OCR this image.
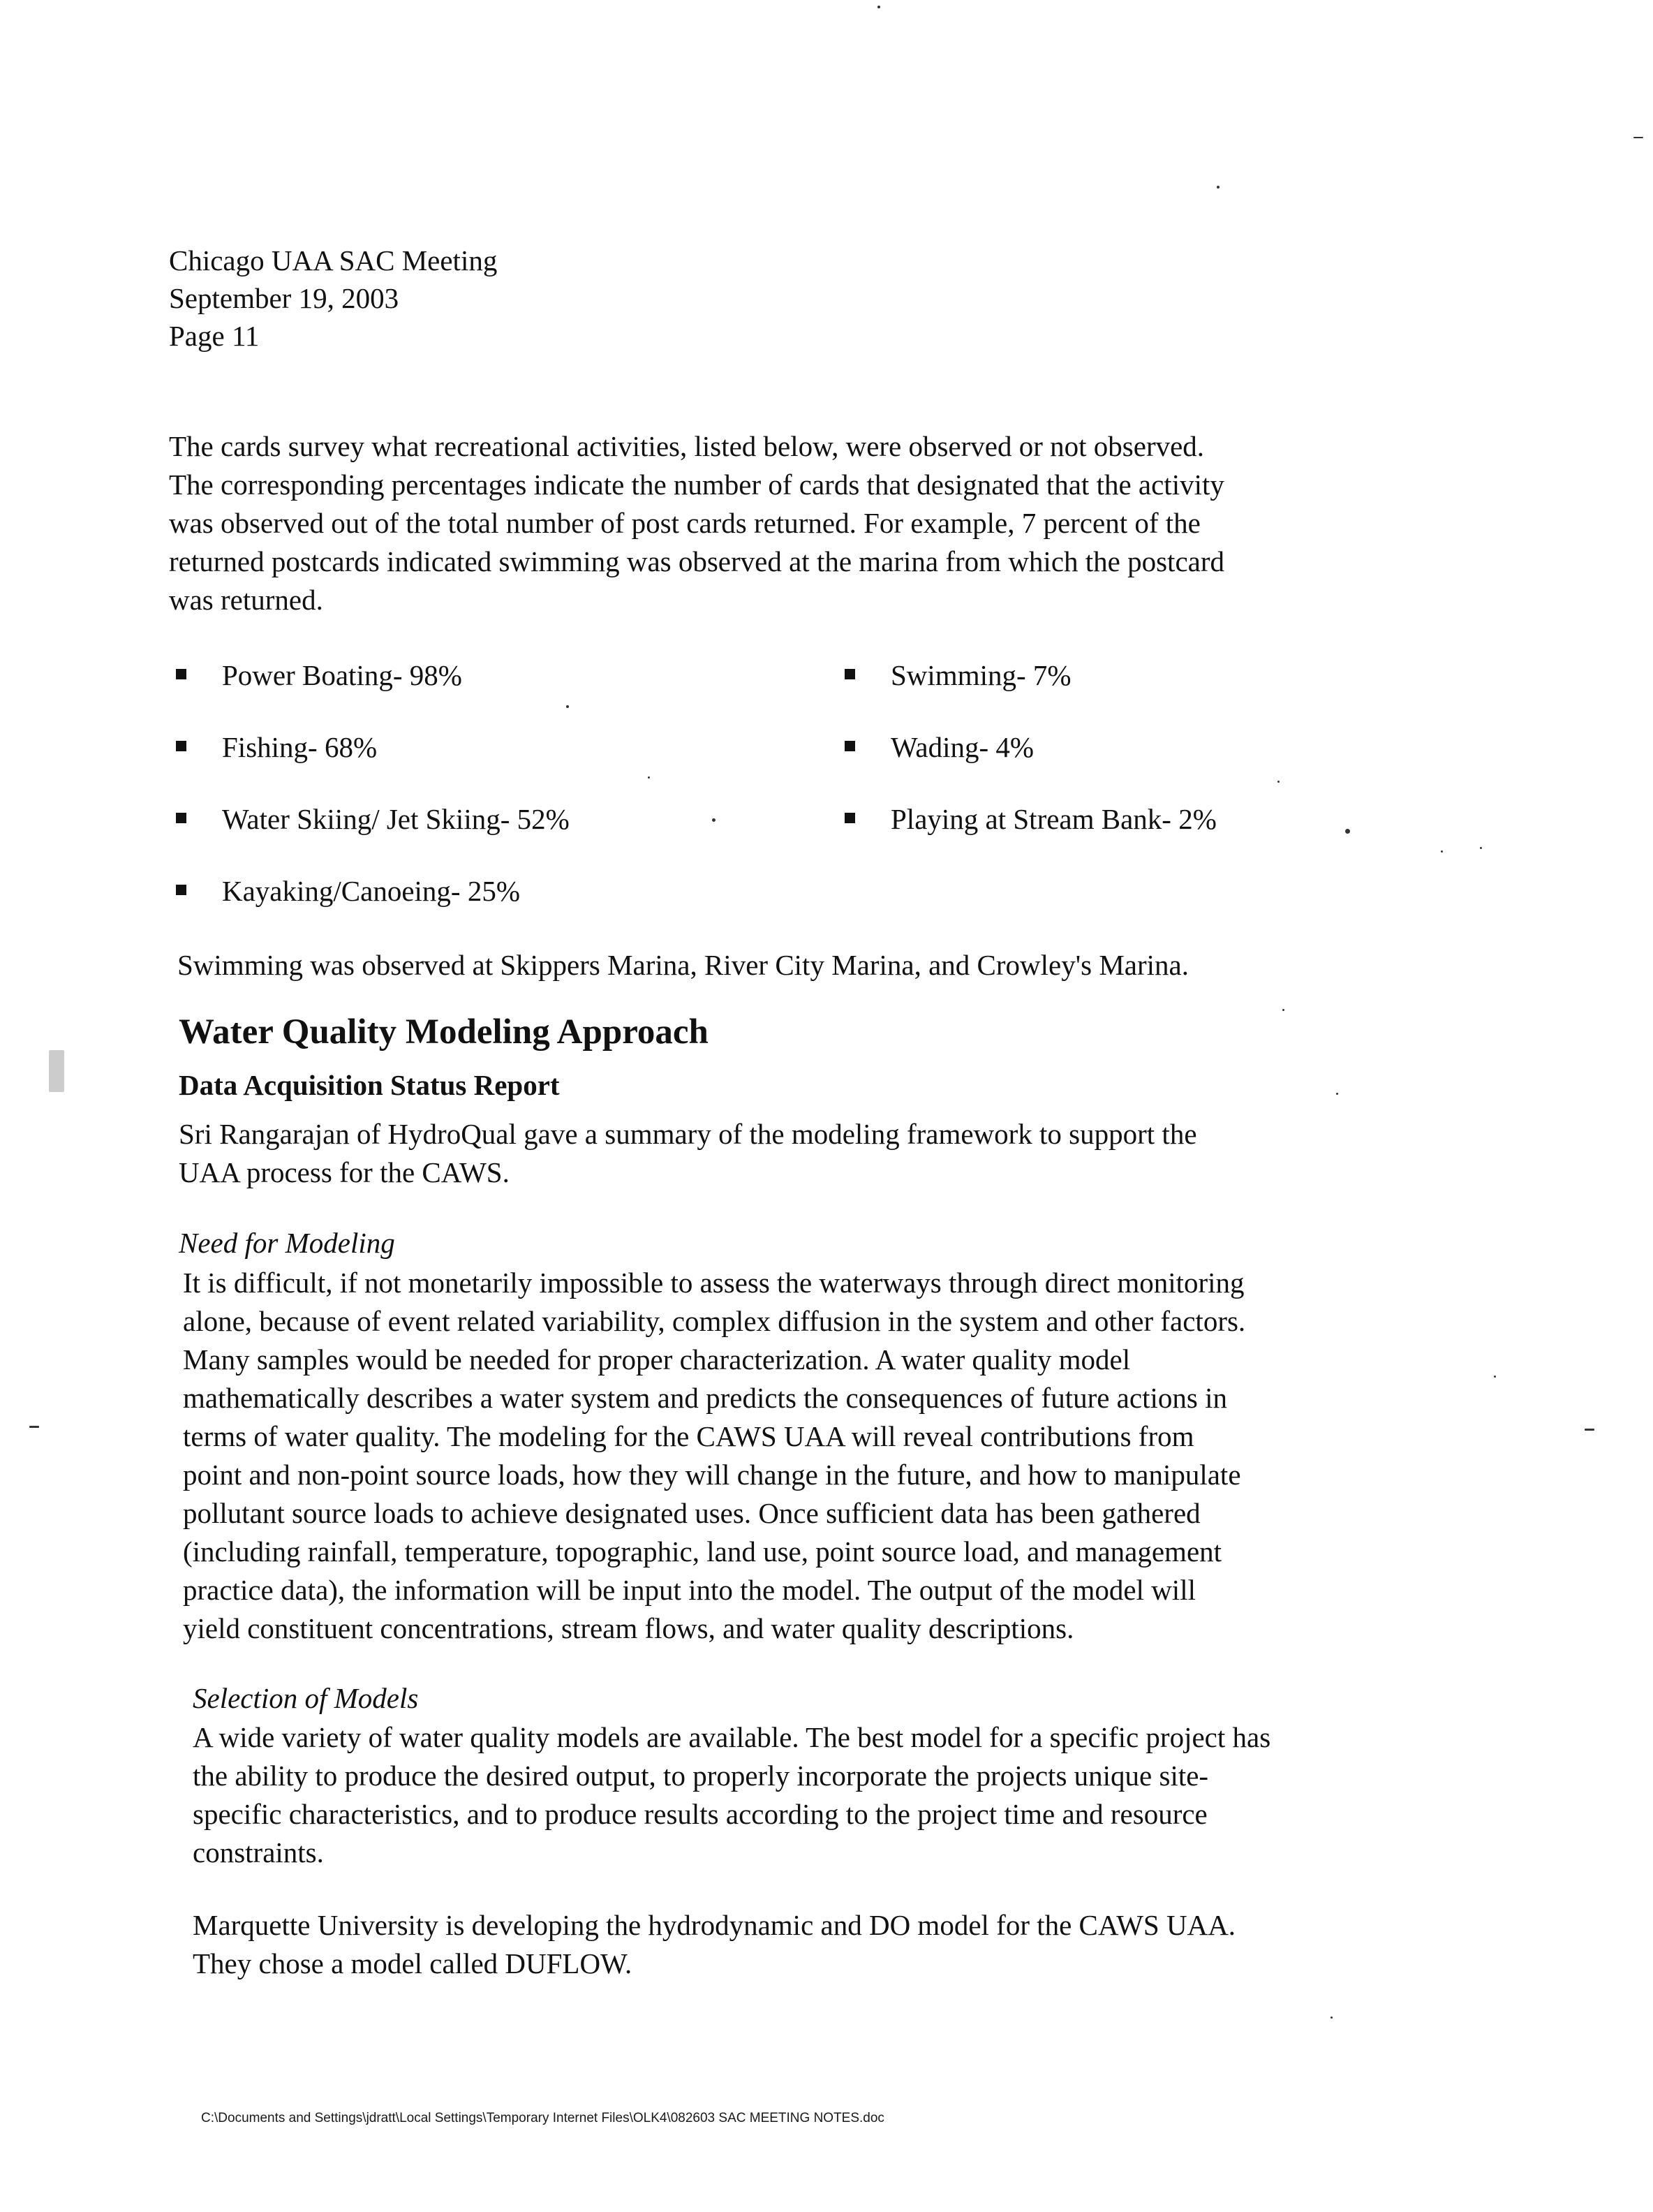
Chicago UAA SAC Meeting
September 19, 2003
Page 11
The cards survey what recreational activities, listed below, were observed or not observed.
The corresponding percentages indicate the number of cards that designated that the activity
was observed out of the total number of post cards returned. For example, 7 percent of the
returned postcards indicated swimming was observed at the marina from which the postcard
was returned.
Power Boating- 98%
Fishing- 68%
Water Skiing/ Jet Skiing- 52%
Kayaking/Canoeing- 25%
Swimming- 7%
Wading- 4%
Playing at Stream Bank- 2%
Swimming was observed at Skippers Marina, River City Marina, and Crowley's Marina.
Water Quality Modeling Approach
Data Acquisition Status Report
Sri Rangarajan of HydroQual gave a summary of the modeling framework to support the
UAA process for the CAWS.
Need for Modeling
It is difficult, if not monetarily impossible to assess the waterways through direct monitoring
alone, because of event related variability, complex diffusion in the system and other factors.
Many samples would be needed for proper characterization. A water quality model
mathematically describes a water system and predicts the consequences of future actions in
terms of water quality. The modeling for the CAWS UAA will reveal contributions from
point and non-point source loads, how they will change in the future, and how to manipulate
pollutant source loads to achieve designated uses. Once sufficient data has been gathered
(including rainfall, temperature, topographic, land use, point source load, and management
practice data), the information will be input into the model. The output of the model will
yield constituent concentrations, stream flows, and water quality descriptions.
Selection of Models
A wide variety of water quality models are available. The best model for a specific project has
the ability to produce the desired output, to properly incorporate the projects unique site-
specific characteristics, and to produce results according to the project time and resource
constraints.
Marquette University is developing the hydrodynamic and DO model for the CAWS UAA.
They chose a model called DUFLOW.
C:\Documents and Settings\jdratt\Local Settings\Temporary Internet Files\OLK4\082603 SAC MEETING NOTES.doc
